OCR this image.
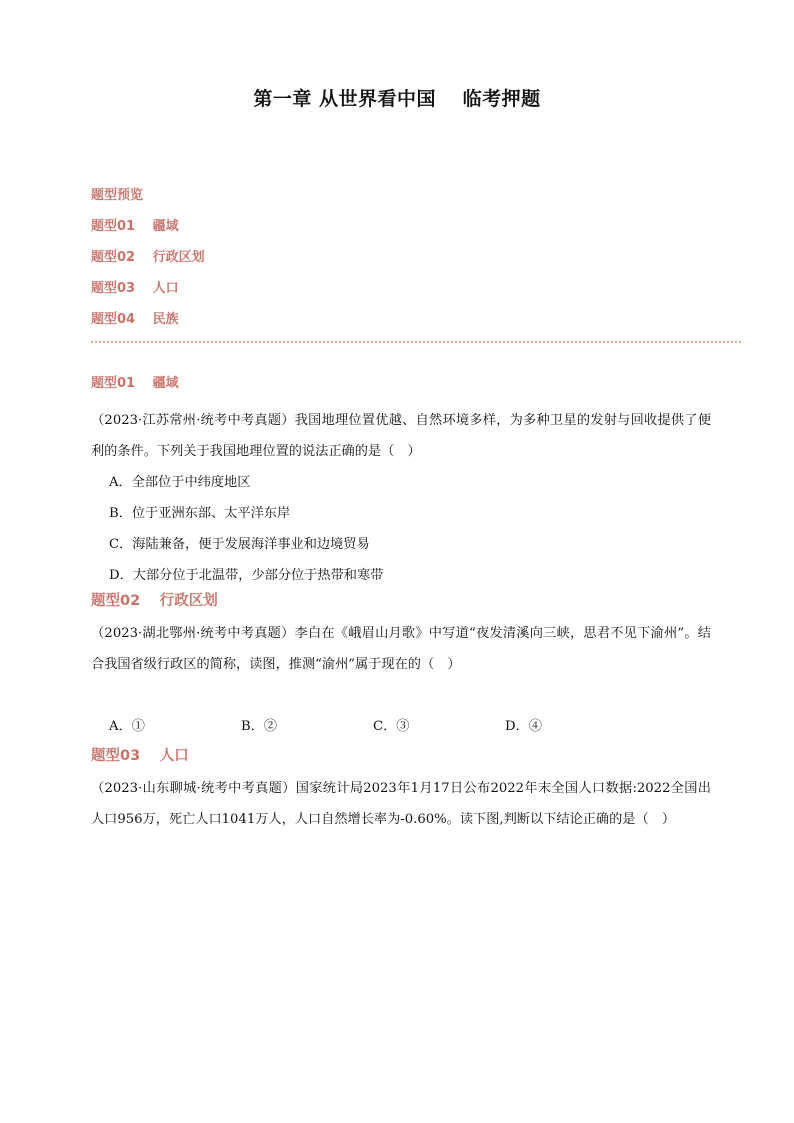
第一章 从世界看中国　 临考押题
题型预览
题型01　 疆域
题型02　 行政区划
题型03　 人口
题型04　 民族
题型01　 疆域
（2023·江苏常州·统考中考真题）我国地理位置优越、自然环境多样，为多种卫星的发射与回收提供了便利的条件。下列关于我国地理位置的说法正确的是（　）
A．全部位于中纬度地区
B．位于亚洲东部、太平洋东岸
C．海陆兼备，便于发展海洋事业和边境贸易
D．大部分位于北温带，少部分位于热带和寒带
题型02　 行政区划
（2023·湖北鄂州·统考中考真题）李白在《峨眉山月歌》中写道“夜发清溪向三峡，思君不见下渝州”。结合我国省级行政区的简称，读图，推测“渝州”属于现在的（　）
A．①	B．②	C．③	D．④
题型03　 人口
（2023·山东聊城·统考中考真题）国家统计局2023年1月17日公布2022年末全国人口数据:2022全国出人口956万，死亡人口1041万人，人口自然增长率为-0.60%。读下图,判断以下结论正确的是（　）
